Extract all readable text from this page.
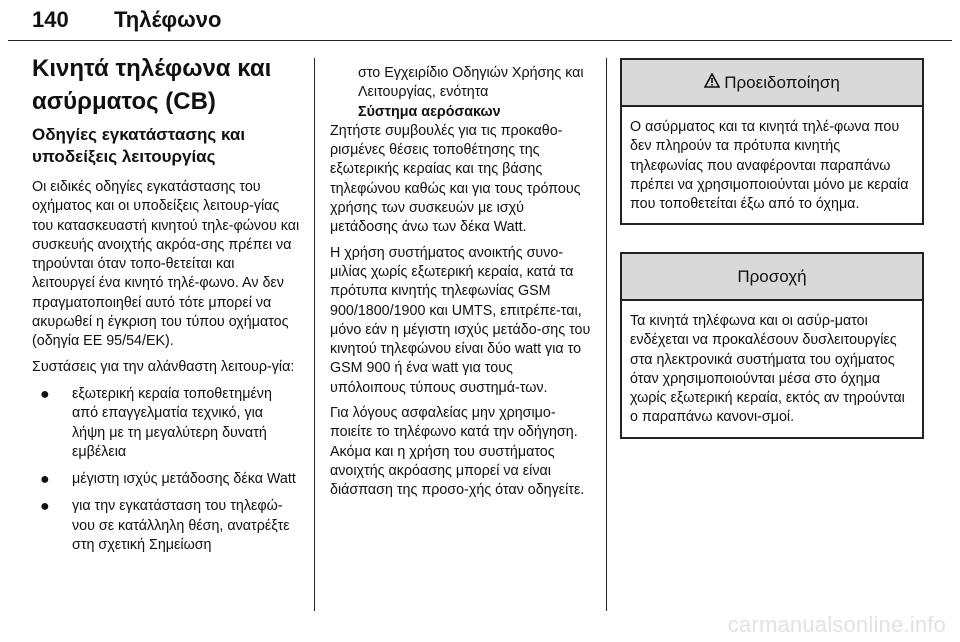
140 Τηλέφωνο
Κινητά τηλέφωνα και ασύρματος (CB)
Οδηγίες εγκατάστασης και υποδείξεις λειτουργίας

Οι ειδικές οδηγίες εγκατάστασης του οχήματος και οι υποδείξεις λειτουρ-γίας του κατασκευαστή κινητού τηλε-φώνου και συσκευής ανοιχτής ακρόα-σης πρέπει να τηρούνται όταν τοπο-θετείται και λειτουργεί ένα κινητό τηλέ-φωνο. Αν δεν πραγματοποιηθεί αυτό τότε μπορεί να ακυρωθεί η έγκριση του τύπου οχήματος (οδηγία EE 95/54/EK).

Συστάσεις για την αλάνθαστη λειτουρ-γία:

● εξωτερική κεραία τοποθετημένη από επαγγελματία τεχνικό, για λήψη με τη μεγαλύτερη δυνατή εμβέλεια
● μέγιστη ισχύς μετάδοσης δέκα Watt
● για την εγκατάσταση του τηλεφώ-νου σε κατάλληλη θέση, ανατρέξτε στη σχετική Σημείωση

στο Εγχειρίδιο Οδηγιών Χρήσης και Λειτουργίας, ενότητα

Σύστημα αερόσακων

Ζητήστε συμβουλές για τις προκαθο-ρισμένες θέσεις τοποθέτησης της εξωτερικής κεραίας και της βάσης τηλεφώνου καθώς και για τους τρόπους χρήσης των συσκευών με ισχύ μετάδοσης άνω των δέκα Watt.

Η χρήση συστήματος ανοικτής συνο-μιλίας χωρίς εξωτερική κεραία, κατά τα πρότυπα κινητής τηλεφωνίας GSM 900/1800/1900 και UMTS, επιτρέπε-ται, μόνο εάν η μέγιστη ισχύς μετάδο-σης του κινητού τηλεφώνου είναι δύο watt για το GSM 900 ή ένα watt για τους υπόλοιπους τύπους συστημά-των.

Για λόγους ασφαλείας μην χρησιμο-ποιείτε το τηλέφωνο κατά την οδήγηση. Ακόμα και η χρήση του συστήματος ανοιχτής ακρόασης μπορεί να είναι διάσπαση της προσο-χής όταν οδηγείτε.

Προειδοποίηση

Ο ασύρματος και τα κινητά τηλέ-φωνα που δεν πληρούν τα πρότυπα κινητής τηλεφωνίας που αναφέρονται παραπάνω πρέπει να χρησιμοποιούνται μόνο με κεραία που τοποθετείται έξω από το όχημα.

Προσοχή

Τα κινητά τηλέφωνα και οι ασύρ-ματοι ενδέχεται να προκαλέσουν δυσλειτουργίες στα ηλεκτρονικά συστήματα του οχήματος όταν χρησιμοποιούνται μέσα στο όχημα χωρίς εξωτερική κεραία, εκτός αν τηρούνται ο παραπάνω κανονι-σμοί.

carmanualsonline.info
